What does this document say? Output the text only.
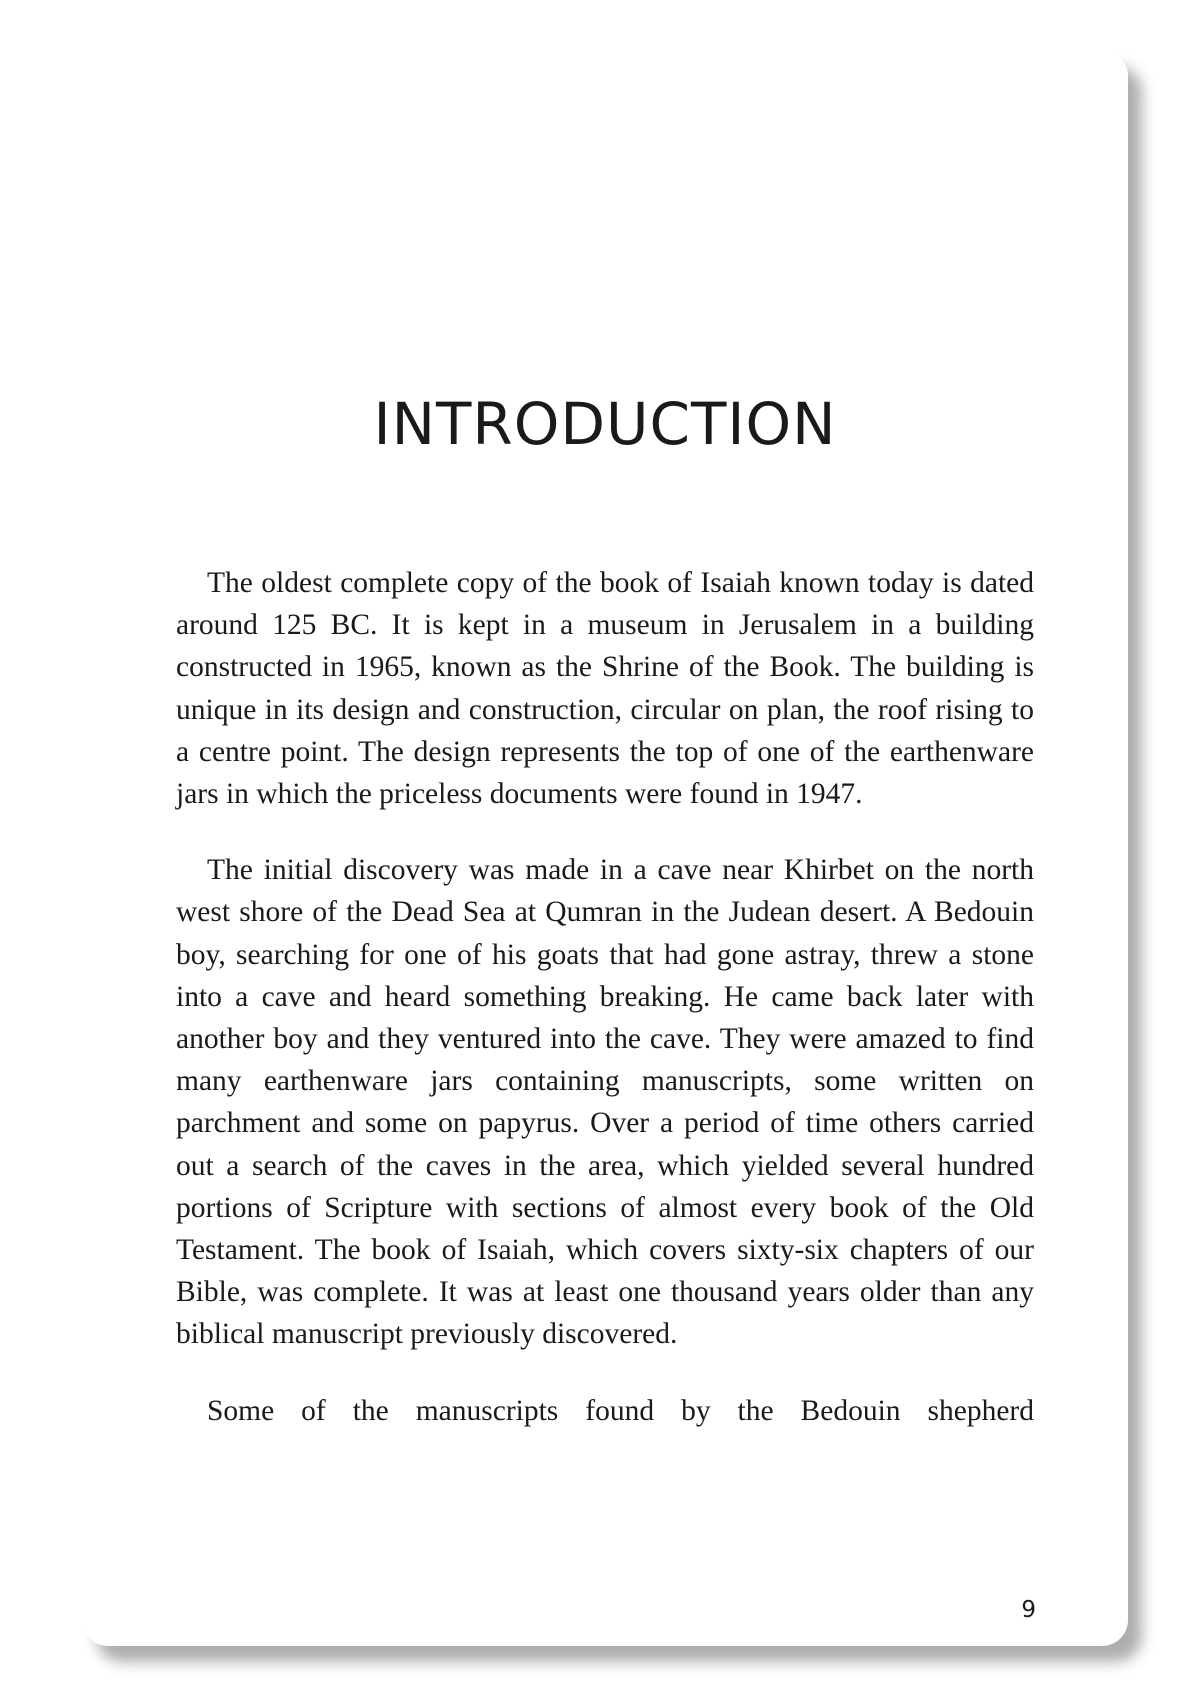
INTRODUCTION

The oldest complete copy of the book of Isaiah known today is dated around 125 BC. It is kept in a museum in Jerusalem in a building constructed in 1965, known as the Shrine of the Book. The building is unique in its design and construction, circular on plan, the roof rising to a centre point. The design represents the top of one of the earthenware jars in which the priceless documents were found in 1947.

The initial discovery was made in a cave near Khirbet on the north west shore of the Dead Sea at Qumran in the Judean desert. A Bedouin boy, searching for one of his goats that had gone astray, threw a stone into a cave and heard something breaking. He came back later with another boy and they ventured into the cave. They were amazed to find many earthenware jars containing manuscripts, some written on parchment and some on papyrus. Over a period of time others carried out a search of the caves in the area, which yielded several hundred portions of Scripture with sections of almost every book of the Old Testament. The book of Isaiah, which covers sixty-six chapters of our Bible, was complete. It was at least one thousand years older than any biblical manuscript previously discovered.

Some of the manuscripts found by the Bedouin shepherd

9
